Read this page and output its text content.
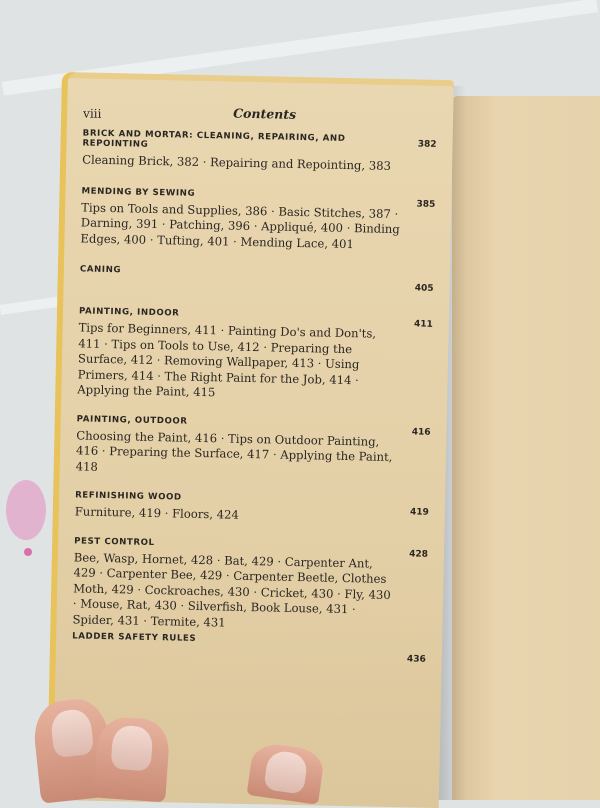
viii	Contents
BRICK AND MORTAR: CLEANING, REPAIRING, AND REPOINTING	382
Cleaning Brick, 382 · Repairing and Repointing, 383
MENDING BY SEWING
385
Tips on Tools and Supplies, 386 · Basic Stitches, 387 · Darning, 391 · Patching, 396 · Appliqué, 400 · Binding Edges, 400 · Tufting, 401 · Mending Lace, 401
CANING
405
PAINTING, INDOOR
411
Tips for Beginners, 411 · Painting Do's and Don'ts, 411 · Tips on Tools to Use, 412 · Preparing the Surface, 412 · Removing Wallpaper, 413 · Using Primers, 414 · The Right Paint for the Job, 414 · Applying the Paint, 415
PAINTING, OUTDOOR
416
Choosing the Paint, 416 · Tips on Outdoor Painting, 416 · Preparing the Surface, 417 · Applying the Paint, 418
REFINISHING WOOD
419
Furniture, 419 · Floors, 424
PEST CONTROL
428
Bee, Wasp, Hornet, 428 · Bat, 429 · Carpenter Ant, 429 · Carpenter Bee, 429 · Carpenter Beetle, Clothes Moth, 429 · Cockroaches, 430 · Cricket, 430 · Fly, 430 · Mouse, Rat, 430 · Silverfish, Book Louse, 431 · Spider, 431 · Termite, 431
LADDER SAFETY RULES
436
